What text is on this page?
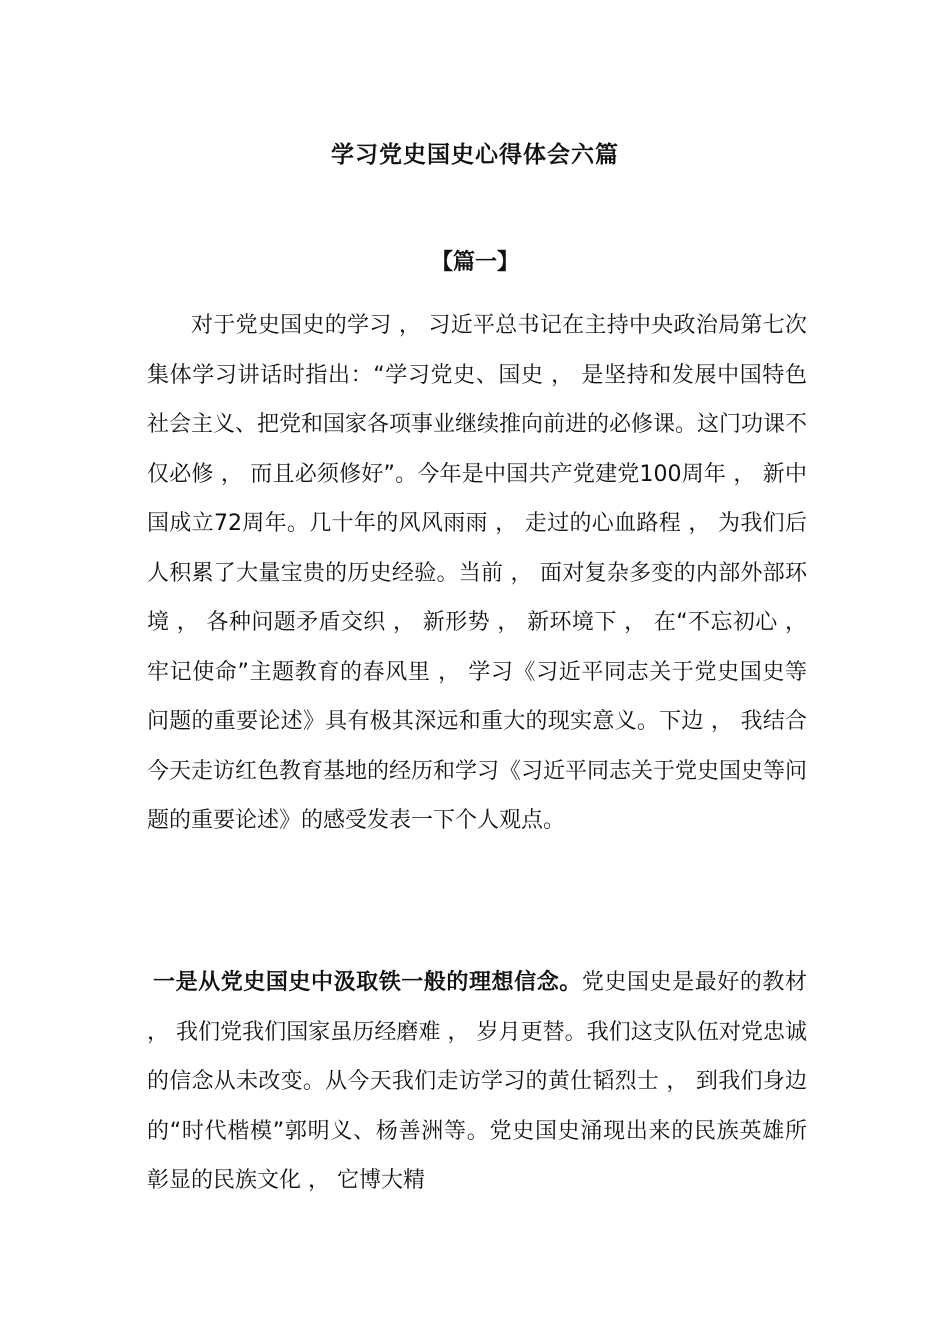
学习党史国史心得体会六篇
【篇一】

对于党史国史的学习 ， 习近平总书记在主持中央政治局第七次集体学习讲话时指出：“学习党史、国史 ， 是坚持和发展中国特色社会主义、把党和国家各项事业继续推向前进的必修课。这门功课不仅必修 ， 而且必须修好”。今年是中国共产党建党100周年 ， 新中国成立72周年。几十年的风风雨雨 ， 走过的心血路程 ， 为我们后人积累了大量宝贵的历史经验。当前 ， 面对复杂多变的内部外部环境 ， 各种问题矛盾交织 ， 新形势 ， 新环境下 ， 在“不忘初心 ， 牢记使命”主题教育的春风里 ， 学习《习近平同志关于党史国史等问题的重要论述》具有极其深远和重大的现实意义。下边 ， 我结合今天走访红色教育基地的经历和学习《习近平同志关于党史国史等问题的重要论述》的感受发表一下个人观点。

一是从党史国史中汲取铁一般的理想信念。党史国史是最好的教材 ， 我们党我们国家虽历经磨难 ， 岁月更替。我们这支队伍对党忠诚的信念从未改变。从今天我们走访学习的黄仕韬烈士 ， 到我们身边的“时代楷模”郭明义、杨善洲等。党史国史涌现出来的民族英雄所彰显的民族文化 ， 它博大精
